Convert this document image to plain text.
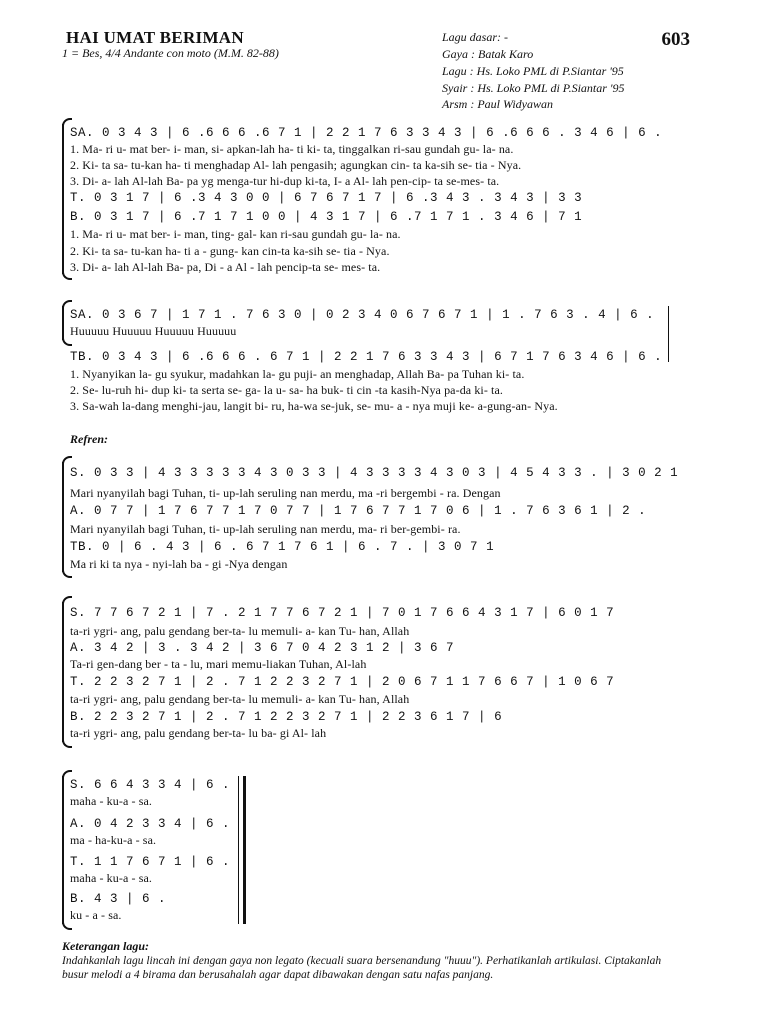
HAI UMAT BERIMAN
1 = Bes, 4/4 Andante con moto (M.M. 82-88)
603
Lagu dasar: -
Gaya : Batak Karo
Lagu : Hs. Loko PML di P.Siantar '95
Syair : Hs. Loko PML di P.Siantar '95
Arsm : Paul Widyawan
SA. 0 3 4 3 | 6 .6 6 6 .6 7 1 | 2 2 1 7 6 3 3 4 3 | 6 .6 6 6 . 3 4 6 | 6 .
1. Ma- ri u- mat ber- i- man, si- apkan-lah ha- ti ki- ta, tinggalkan ri-sau gundah gu- la- na.
2. Ki- ta sa- tu-kan ha- ti menghadap Al- lah pengasih; agungkan cin- ta ka-sih se- tia - Nya.
3. Di- a- lah Al-lah Ba- pa yg menga-tur hi-dup ki-ta, I- a Al- lah pen-cip- ta se-mes- ta.
T. 0 3 1 7 | 6 .3 4 3 0 0 | 6 7 6 7 1 7 | 6 .3 4 3 . 3 4 3 | 3 3
B. 0 3 1 7 | 6 .7 1 7 1 0 0 | 4 3 1 7 | 6 .7 1 7 1 . 3 4 6 | 7 1
1. Ma- ri u- mat ber- i- man, ting- gal- kan ri-sau gundah gu- la- na.
2. Ki- ta sa- tu-kan ha- ti a - gung- kan cin-ta ka-sih se- tia - Nya.
3. Di- a- lah Al-lah Ba- pa, Di - a Al - lah pencip-ta se- mes- ta.
SA. 0 3 6 7 | 1 7 1 . 7 6 3 0 | 0 2 3 4 0 6 7 6 7 1 | 1 . 7 6 3 . 4 | 6 .
Huuuuu Huuuuu Huuuuu Huuuuu
TB. 0 3 4 3 | 6 .6 6 6 . 6 7 1 | 2 2 1 7 6 3 3 4 3 | 6 7 1 7 6 3 4 6 | 6 .
1. Nyanyikan la- gu syukur, madahkan la- gu puji- an menghadap, Allah Ba- pa Tuhan ki- ta.
2. Se- lu-ruh hi- dup ki- ta serta se- ga- la u- sa- ha buk- ti cin -ta kasih-Nya pa-da ki- ta.
3. Sa-wah la-dang menghi-jau, langit bi- ru, ha-wa se-juk, se- mu- a - nya muji ke- a-gung-an- Nya.
Refren:
S. 0 3 3 | 4 3 3 3 3 3 4 3 0 3 3 | 4 3 3 3 3 4 3 0 3 | 4 5 4 3 3 . | 3 0 2 1
Mari nyanyilah bagi Tuhan, ti- up-lah seruling nan merdu, ma -ri bergembi - ra. Dengan
A. 0 7 7 | 1 7 6 7 7 1 7 0 7 7 | 1 7 6 7 7 1 7 0 6 | 1 . 7 6 3 6 1 | 2 .
Mari nyanyilah bagi Tuhan, ti- up-lah seruling nan merdu, ma- ri ber-gembi- ra.
TB. 0 | 6 . 4 3 | 6 . 6 7 1 7 6 1 | 6 . 7 . | 3 0 7 1
Ma ri ki ta nya - nyi-lah ba - gi -Nya dengan
S. 7 7 6 7 2 1 | 7 . 2 1 7 7 6 7 2 1 | 7 0 1 7 6 6 4 3 1 7 | 6 0 1 7
ta-ri ygri- ang, palu gendang ber-ta- lu memuli- a- kan Tu- han, Allah
A. 3 4 2 | 3 . 3 4 2 | 3 6 7 0 4 2 3 1 2 | 3 6 7
Ta-ri gen-dang ber - ta - lu, mari memu-liakan Tuhan, Al-lah
T. 2 2 3 2 7 1 | 2 . 7 1 2 2 3 2 7 1 | 2 0 6 7 1 1 7 6 6 7 | 1 0 6 7
ta-ri ygri- ang, palu gendang ber-ta- lu memuli- a- kan Tu- han, Allah
B. 2 2 3 2 7 1 | 2 . 7 1 2 2 3 2 7 1 | 2 2 3 6 1 7 | 6
ta-ri ygri- ang, palu gendang ber-ta- lu ba- gi Al- lah
S. 6 6 4 3 3 4 | 6 .
maha - ku-a - sa.
A. 0 4 2 3 3 4 | 6 .
ma - ha-ku-a - sa.
T. 1 1 7 6 7 1 | 6 .
maha - ku-a - sa.
B. 4 3 | 6 .
ku - a - sa.
Keterangan lagu:
Indahkanlah lagu lincah ini dengan gaya non legato (kecuali suara bersenandung "huuu"). Perhatikanlah artikulasi. Ciptakanlah busur melodi a 4 birama dan berusahalah agar dapat dibawakan dengan satu nafas panjang.
